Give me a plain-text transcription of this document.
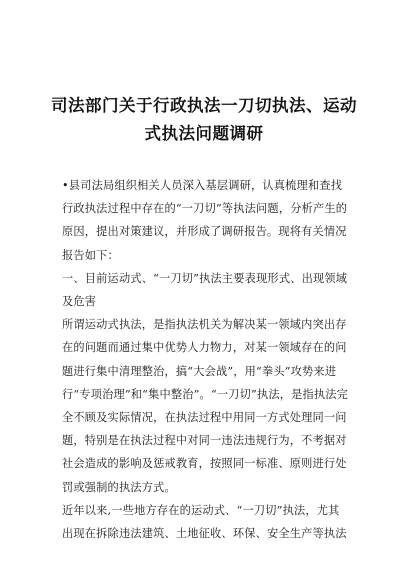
司法部门关于行政执法一刀切执法、运动
式执法问题调研

•县司法局组织相关人员深入基层调研，认真梳理和查找行政执法过程中存在的“一刀切”等执法问题，分析产生的原因，提出对策建议，并形成了调研报告。现将有关情况报告如下：

一、目前运动式、“一刀切”执法主要表现形式、出现领域及危害

所谓运动式执法，是指执法机关为解决某一领域内突出存在的问题而通过集中优势人力物力，对某一领域存在的问题进行集中清理整治，搞“大会战”，用“拳头”攻势来进行“专项治理”和“集中整治”。“一刀切”执法，是指执法完全不顾及实际情况，在执法过程中用同一方式处理同一问题，特别是在执法过程中对同一违法违规行为，不考据对社会造成的影响及惩戒教育，按照同一标准、原则进行处罚或强制的执法方式。

近年以来,一些地方存在的运动式、“一刀切”执法，尤其出现在拆除违法建筑、土地征收、环保、安全生产等执法
